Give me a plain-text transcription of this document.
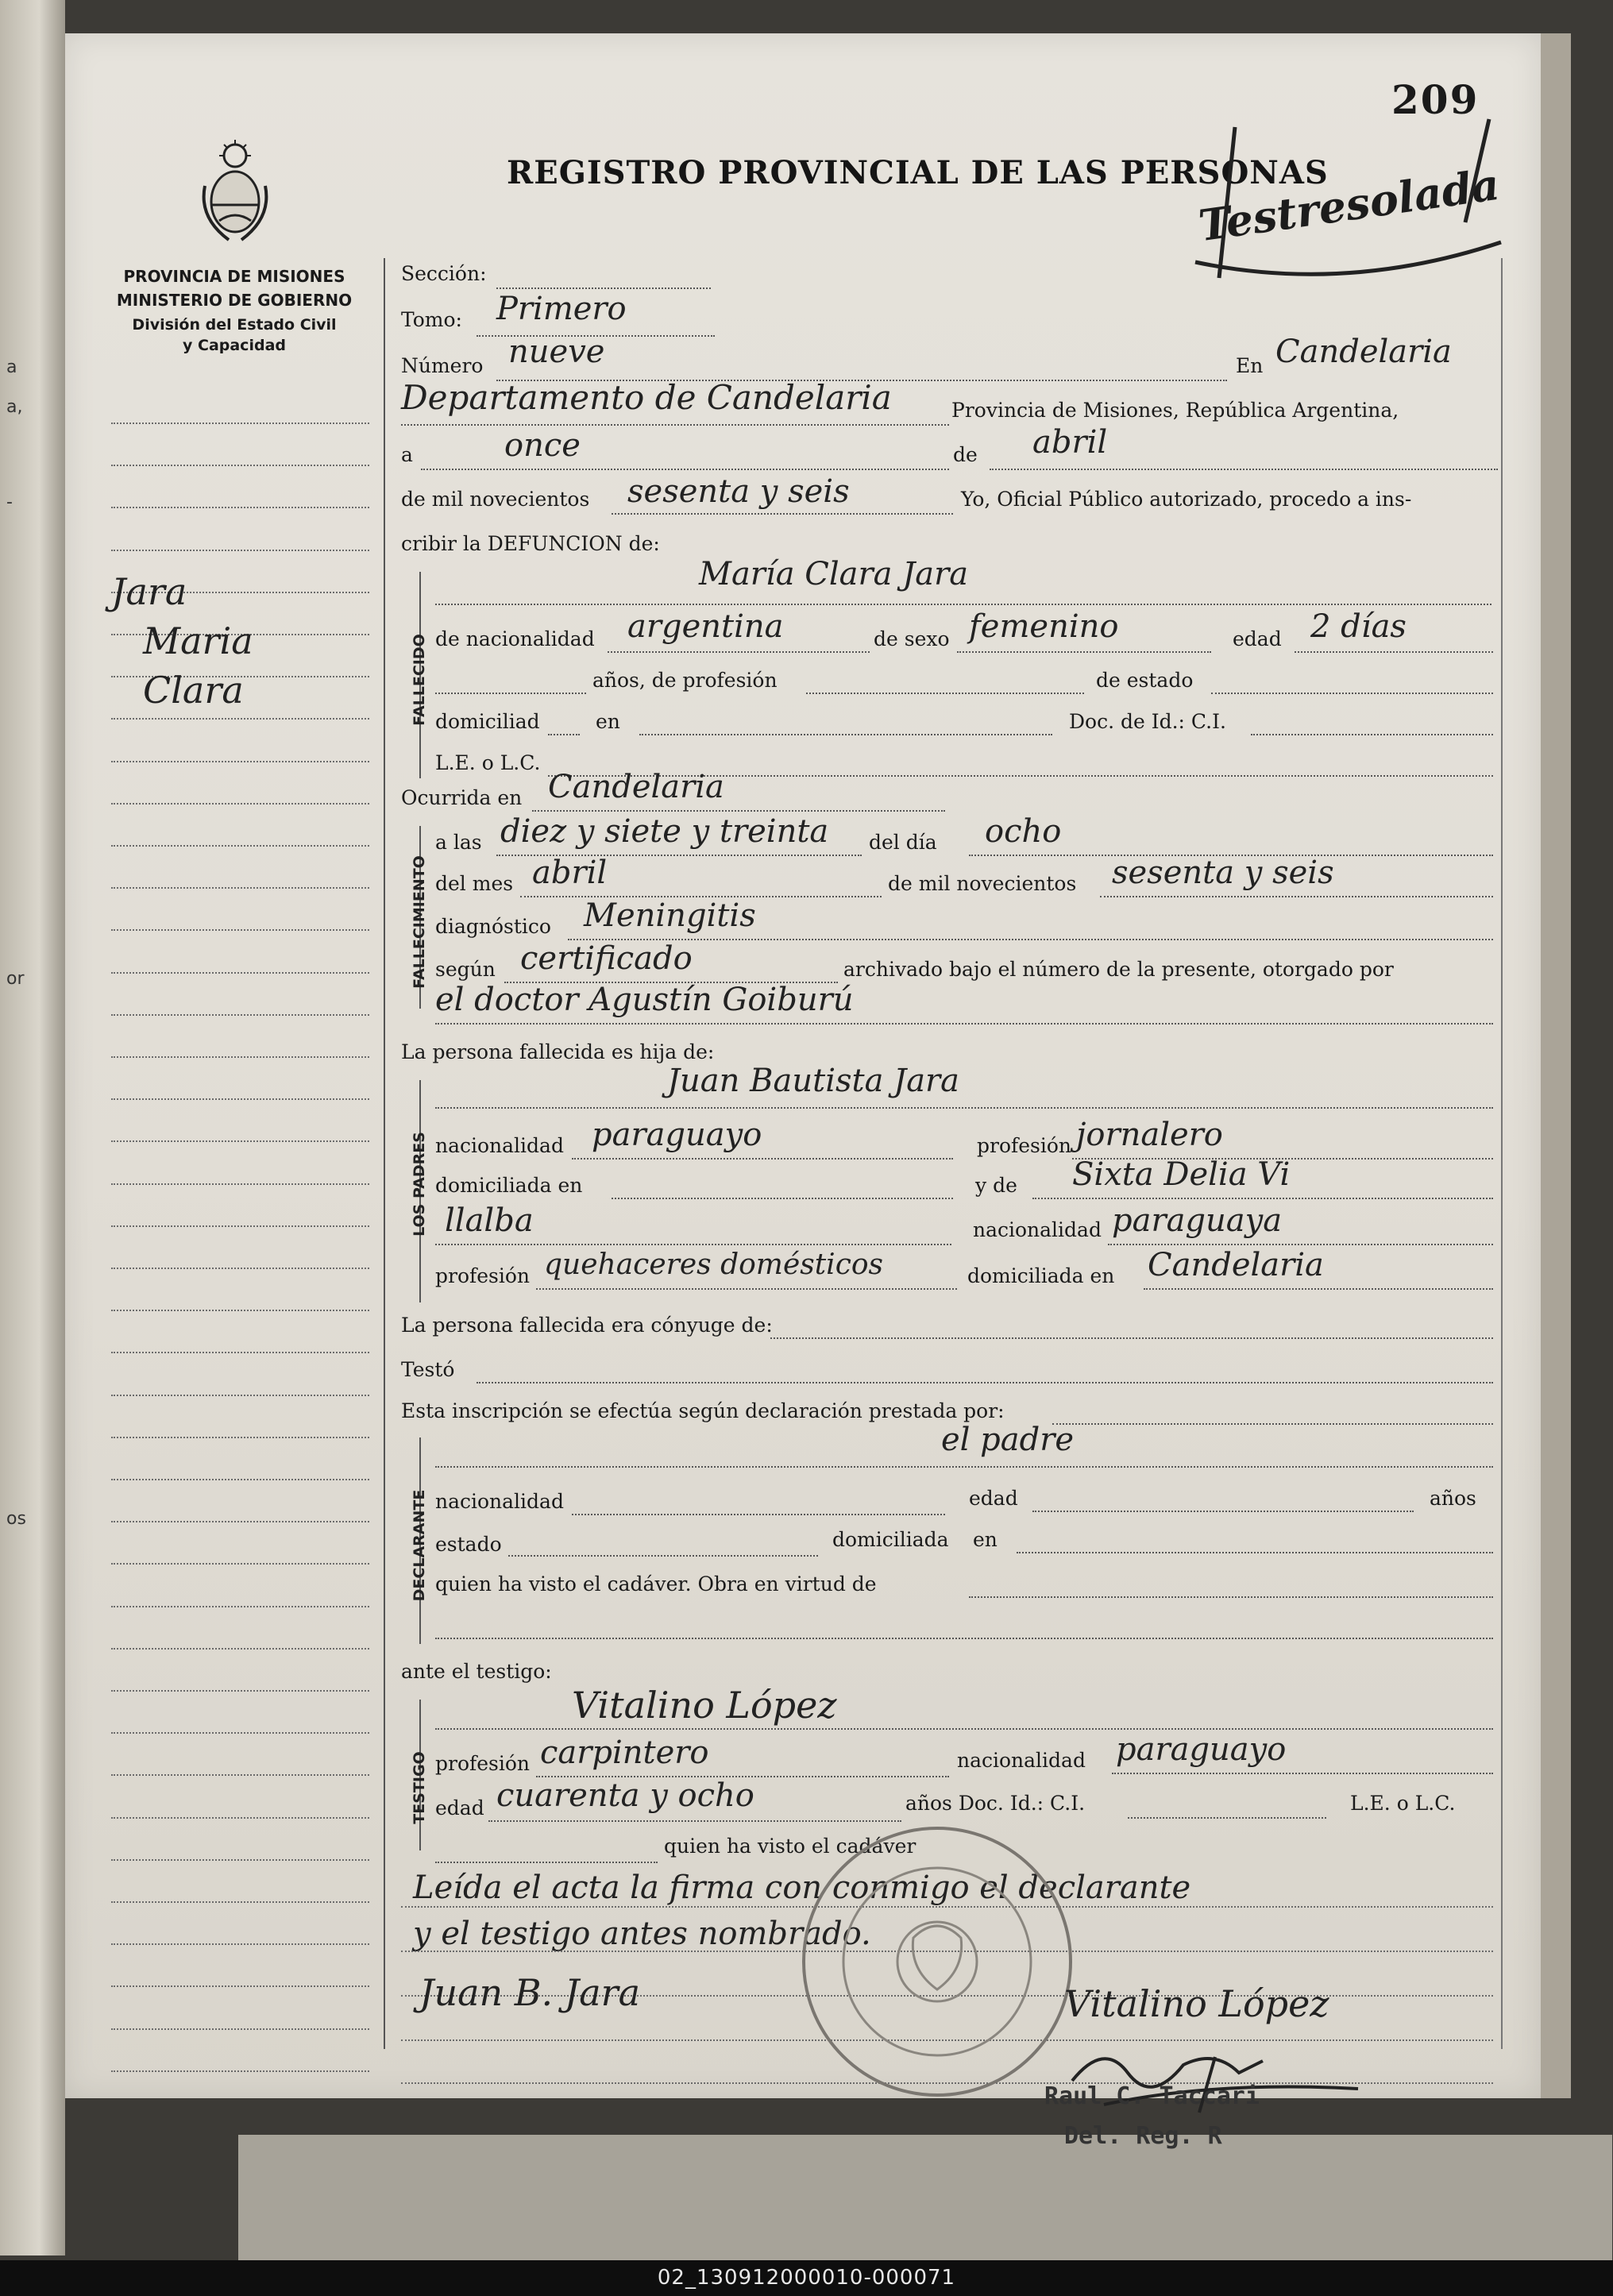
a
a,
-
or
os
209
REGISTRO PROVINCIAL DE LAS PERSONAS
Testresolada
PROVINCIA DE MISIONES
MINISTERIO DE GOBIERNO
División del Estado Civil
y Capacidad
Jara
Maria
Clara
Sección:
Tomo: Primero
Número nueve	En Candelaria
Departamento de Candelaria	Provincia de Misiones, República Argentina,
a	once	de abril
de mil novecientos sesenta y seis	Yo, Oficial Público autorizado, procedo a ins-
cribir la DEFUNCION de:
FALLECIDO
María Clara Jara
de nacionalidad argentina	de sexo femenino	edad 2 días
años, de profesión	de estado
domiciliad	en	Doc. de Id.: C.I.
L.E. o L.C.
Ocurrida en Candelaria
FALLECIMIENTO
a las diez y siete y treinta del día ocho
del mes abril	de mil novecientos sesenta y seis
diagnóstico Meningitis
según certificado	archivado bajo el número de la presente, otorgado por
el doctor Agustín Goiburú
La persona fallecida es hija de:
LOS PADRES
Juan Bautista Jara
nacionalidad paraguayo	profesión jornalero
domiciliada en	y de Sixta Delia Vi
llalba	nacionalidad paraguaya
profesión quehaceres domésticos	domiciliada en Candelaria
La persona fallecida era cónyuge de:
Testó
Esta inscripción se efectúa según declaración prestada por:
DECLARANTE
el padre
nacionalidad	edad	años
estado	domiciliada en
quien ha visto el cadáver. Obra en virtud de
ante el testigo:
TESTIGO
Vitalino López
profesión carpintero	nacionalidad paraguayo
edad cuarenta y ocho	años Doc. Id.: C.I.	L.E. o L.C.
quien ha visto el cadáver
Leída el acta la firma con conmigo el declarante
y el testigo antes nombrado.
Juan B. Jara	Vitalino López
Raul C. Taccari
Del. Reg. R
02_130912000010-000071
